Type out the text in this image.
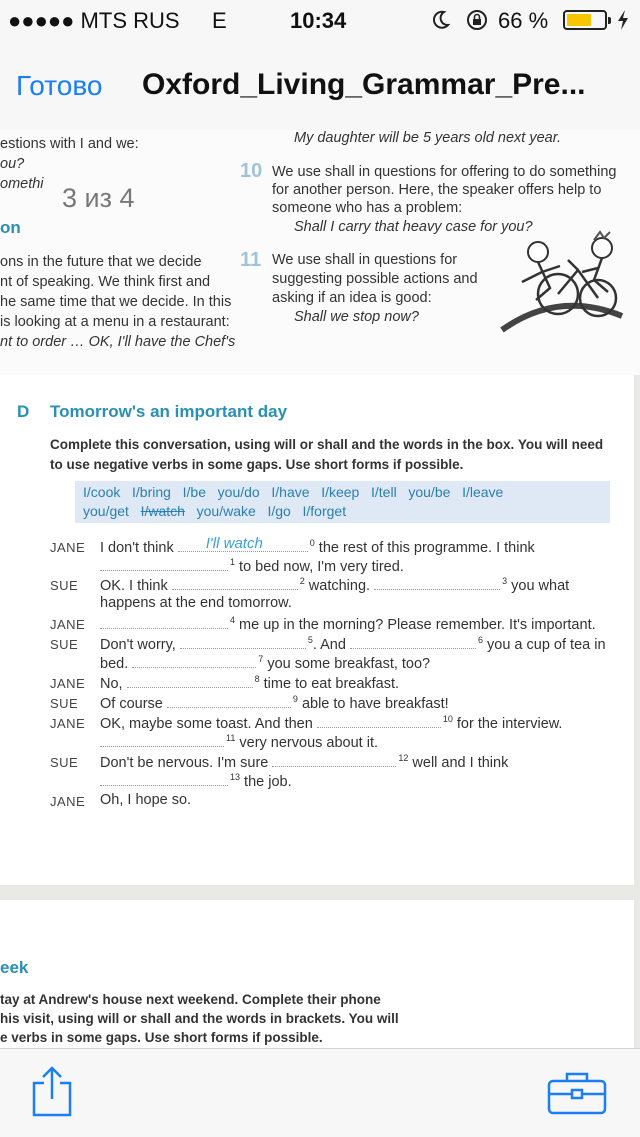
●●●●● MTS RUS E	10:34	66 %
Готово Oxford_Living_Grammar_Pre...
estions with I and we:
ou?
omethi
on
ons in the future that we decide
nt of speaking. We think first and
he same time that we decide. In this
is looking at a menu in a restaurant:
nt to order … OK, I'll have the Chef's
My daughter will be 5 years old next year.
10 We use shall in questions for offering to do something
for another person. Here, the speaker offers help to
someone who has a problem:
Shall I carry that heavy case for you?
11 We use shall in questions for
suggesting possible actions and
asking if an idea is good:
Shall we stop now?
3 из 4
D Tomorrow's an important day
Complete this conversation, using will or shall and the words in the box. You will need
to use negative verbs in some gaps. Use short forms if possible.
I/cook I/bring I/be you/do I/have I/keep I/tell you/be I/leave
you/get I/watch you/wake I/go I/forget
JANE I don't think I'll watch	$^0$ the rest of this programme. I think
$^1$ to bed now, I'm very tired.
SUE OK. I think	$^2$ watching.	$^3$ you what
happens at the end tomorrow.
JANE	$^4$ me up in the morning? Please remember. It's important.
SUE Don't worry,	$^5$. And	$^6$ you a cup of tea in
bed.	$^7$ you some breakfast, too?
JANE No,	$^8$ time to eat breakfast.
SUE Of course	$^9$ able to have breakfast!
JANE OK, maybe some toast. And then	$^{10}$ for the interview.
$^{11}$ very nervous about it.
SUE Don't be nervous. I'm sure	$^{12}$ well and I think
$^{13}$ the job.
JANE Oh, I hope so.
eek
tay at Andrew's house next weekend. Complete their phone
his visit, using will or shall and the words in brackets. You will
e verbs in some gaps. Use short forms if possible.
